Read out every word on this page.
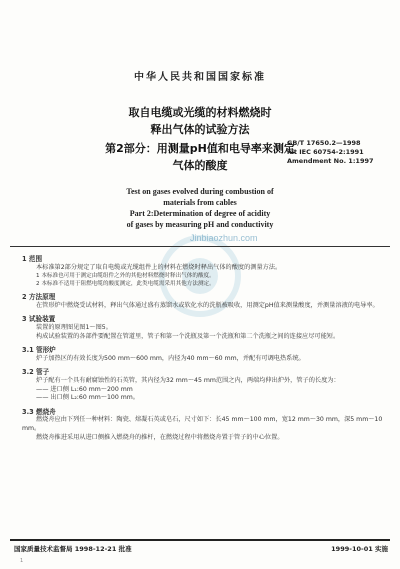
中华人民共和国国家标准
取自电缆或光缆的材料燃烧时
释出气体的试验方法
第2部分：用测量pH值和电导率来测定
气体的酸度
GB/T 17650.2—1998
idt IEC 60754-2:1991
Amendment No. 1:1997
Test on gases evolved during combustion of
materials from cables
Part 2:Determination of degree of acidity
of gases by measuring pH and conductivity
Jinbiaozhun.com
1 范围
本标准第2部分规定了取自电缆或光缆组件上的材料在燃烧时释出气体的酸度的测量方法。
1 本标准也可用于测定由缆组件之外的其他材料燃烧时释出气体的酸度。
2 本标准不适用于阻燃电缆的酸度测定，此类电缆需采用其他方法测定。
2 方法原理
在管形炉中燃烧受试材料，释出气体通过盛有蒸馏水或软化水的洗瓶被吸收，用测定pH值来测量酸度，并测量溶液的电导率。
3 试验装置
装置的原理图见图1～图5。
构成试验装置的各部件要配置在管道里，管子和第一个洗瓶及第一个洗瓶和第二个洗瓶之间的连接应尽可能短。
3.1 管形炉
炉子加热区的有效长度为500 mm～600 mm，内径为40 mm～60 mm，并配有可调电热系统。
3.2 管子
炉子配有一个具有耐腐蚀性的石英管，其内径为32 mm～45 mm范围之内，两端均伸出炉外，管子的长度为：
—— 进口侧 L₁:60 mm～200 mm
—— 出口侧 L₂:60 mm～100 mm。
3.3 燃烧舟
燃烧舟应由下列任一种材料：陶瓷、熔凝石英或皂石，尺寸如下：长45 mm～100 mm，宽12 mm～30 mm，深5 mm～10 mm。
燃烧舟推进采用从进口侧推入燃烧舟的推杆，在燃烧过程中将燃烧舟置于管子的中心位置。
国家质量技术监督局 1998-12-21 批准	1999-10-01 实施
1
